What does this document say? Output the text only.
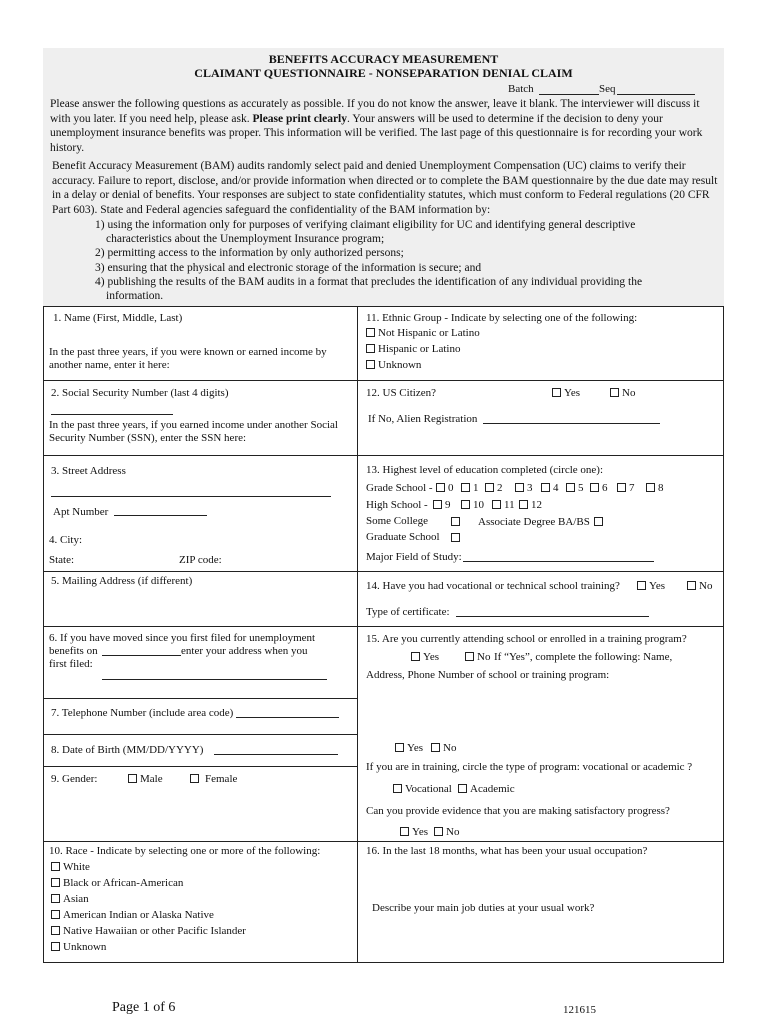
BENEFITS ACCURACY MEASUREMENT
CLAIMANT QUESTIONNAIRE - NONSEPARATION DENIAL CLAIM
Batch	Seq
Please answer the following questions as accurately as possible. If you do not know the answer, leave it blank. The interviewer will discuss it with you later. If you need help, please ask. Please print clearly. Your answers will be used to determine if the decision to deny your unemployment insurance benefits was proper. This information will be verified. The last page of this questionnaire is for recording your work history.
Benefit Accuracy Measurement (BAM) audits randomly select paid and denied Unemployment Compensation (UC) claims to verify their accuracy. Failure to report, disclose, and/or provide information when directed or to complete the BAM questionnaire by the due date may result in a delay or denial of benefits. Your responses are subject to state confidentiality statutes, which must conform to Federal regulations (20 CFR Part 603). State and Federal agencies safeguard the confidentiality of the BAM information by:
1) using the information only for purposes of verifying claimant eligibility for UC and identifying general descriptive
characteristics about the Unemployment Insurance program;
2) permitting access to the information by only authorized persons;
3) ensuring that the physical and electronic storage of the information is secure; and
4) publishing the results of the BAM audits in a format that precludes the identification of any individual providing the
information.
1. Name (First, Middle, Last)
In the past three years, if you were known or earned income by
another name, enter it here:
2. Social Security Number (last 4 digits)
In the past three years, if you earned income under another Social
Security Number (SSN), enter the SSN here:
3. Street Address
Apt Number
4. City:
State:	ZIP code:
5. Mailing Address (if different)
6. If you have moved since you first filed for unemployment
benefits on	enter your address when you
first filed:
7. Telephone Number (include area code)
8. Date of Birth (MM/DD/YYYY)
9. Gender:	Male	Female
10. Race - Indicate by selecting one or more of the following:
White
Black or African-American
Asian
American Indian or Alaska Native
Native Hawaiian or other Pacific Islander
Unknown
11. Ethnic Group - Indicate by selecting one of the following:
Not Hispanic or Latino
Hispanic or Latino
Unknown
12. US Citizen?	Yes	No
If No, Alien Registration
13. Highest level of education completed (circle one):
Grade School -	0	1	2	3	4	5	6	7	8
High School -	9	10	11	12
Some College	Associate Degree BA/BS
Graduate School
Major Field of Study:
14. Have you had vocational or technical school training?	Yes	No
Type of certificate:
15. Are you currently attending school or enrolled in a training program?
Yes	No If “Yes”, complete the following: Name,
Address, Phone Number of school or training program:
Yes	No
If you are in training, circle the type of program: vocational or academic ?
Vocational	Academic
Can you provide evidence that you are making satisfactory progress?
Yes	No
16. In the last 18 months, what has been your usual occupation?
Describe your main job duties at your usual work?
Page 1 of 6	121615
